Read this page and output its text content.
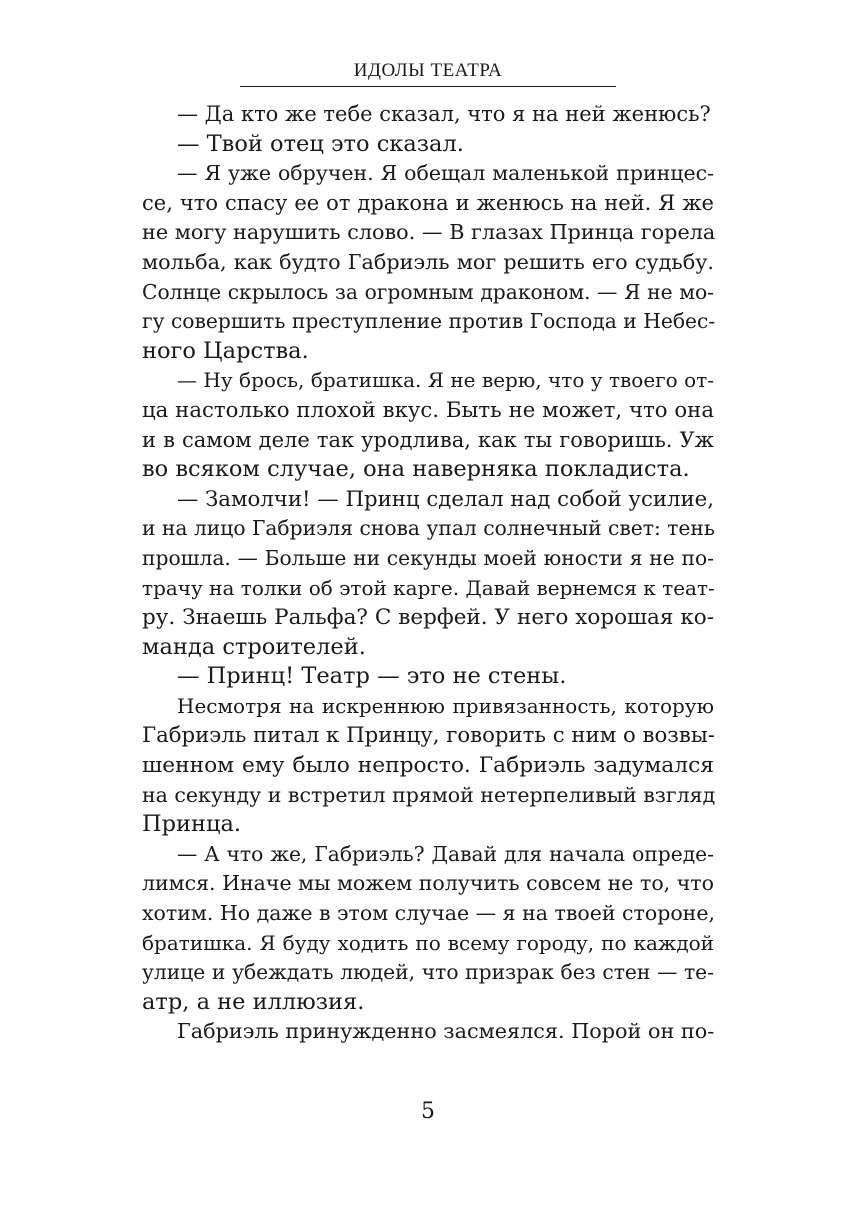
ИДОЛЫ ТЕАТРА
— Да кто же тебе сказал, что я на ней женюсь?
— Твой отец это сказал.
— Я уже обручен. Я обещал маленькой принцес-
се, что спасу ее от дракона и женюсь на ней. Я же
не могу нарушить слово. — В глазах Принца горела
мольба, как будто Габриэль мог решить его судьбу.
Солнце скрылось за огромным драконом. — Я не мо-
гу совершить преступление против Господа и Небес-
ного Царства.
— Ну брось, братишка. Я не верю, что у твоего от-
ца настолько плохой вкус. Быть не может, что она
и в самом деле так уродлива, как ты говоришь. Уж
во всяком случае, она наверняка покладиста.
— Замолчи! — Принц сделал над собой усилие,
и на лицо Габриэля снова упал солнечный свет: тень
прошла. — Больше ни секунды моей юности я не по-
трачу на толки об этой карге. Давай вернемся к теат-
ру. Знаешь Ральфа? С верфей. У него хорошая ко-
манда строителей.
— Принц! Театр — это не стены.
Несмотря на искреннюю привязанность, которую
Габриэль питал к Принцу, говорить с ним о возвы-
шенном ему было непросто. Габриэль задумался
на секунду и встретил прямой нетерпеливый взгляд
Принца.
— А что же, Габриэль? Давай для начала опреде-
лимся. Иначе мы можем получить совсем не то, что
хотим. Но даже в этом случае — я на твоей стороне,
братишка. Я буду ходить по всему городу, по каждой
улице и убеждать людей, что призрак без стен — те-
атр, а не иллюзия.
Габриэль принужденно засмеялся. Порой он по-
5
